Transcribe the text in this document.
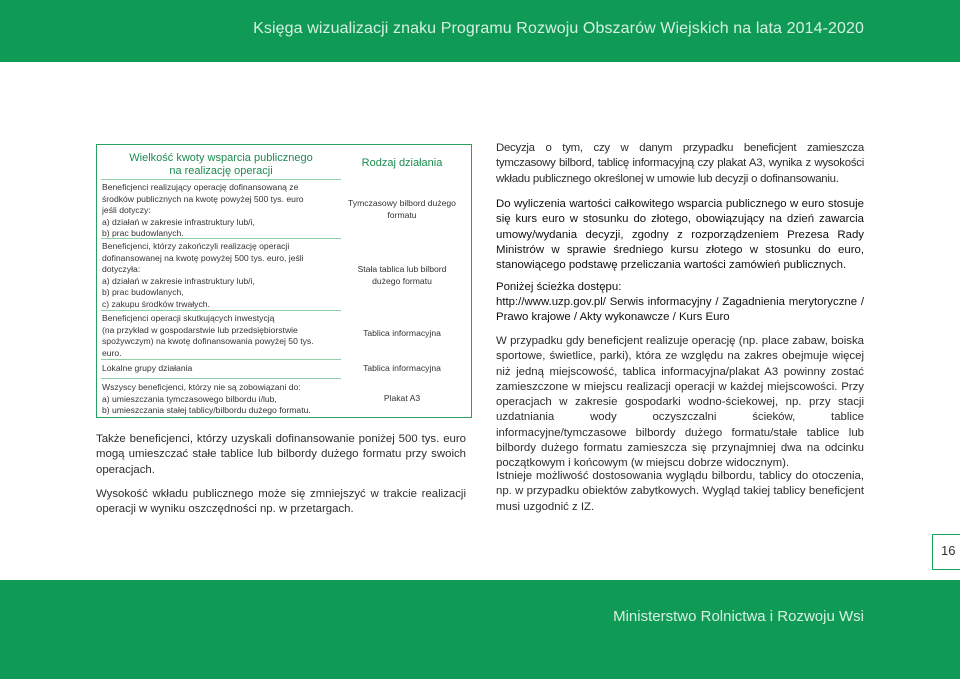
Księga wizualizacji znaku Programu Rozwoju Obszarów Wiejskich na lata 2014-2020
Wielkość kwoty wsparcia publicznego
na realizację operacji
Rodzaj działania
Beneficjenci realizujący operację dofinansowaną ze
środków publicznych na kwotę powyżej 500 tys. euro
jeśli dotyczy:
a) działań w zakresie infrastruktury lub/i,
b) prac budowlanych.
Tymczasowy bilbord dużego
formatu
Beneficjenci, którzy zakończyli realizację operacji
dofinansowanej na kwotę powyżej 500 tys. euro, jeśli
dotyczyła:
a) działań w zakresie infrastruktury lub/i,
b) prac budowlanych,
c) zakupu środków trwałych.
Stała tablica lub bilbord
dużego formatu
Beneficjenci operacji skutkujących inwestycją
(na przykład w gospodarstwie lub przedsiębiorstwie
spożywczym) na kwotę dofinansowania powyżej 50 tys.
euro.
Tablica informacyjna
Lokalne grupy działania	Tablica informacyjna
Wszyscy beneficjenci, którzy nie są zobowiązani do:
a) umieszczania tymczasowego bilbordu i/lub,
b) umieszczania stałej tablicy/bilbordu dużego formatu.
Plakat A3
Także beneficjenci, którzy uzyskali dofinansowanie poniżej 500 tys. euro mogą umieszczać stałe tablice lub bilbordy dużego formatu przy swoich operacjach.
Wysokość wkładu publicznego może się zmniejszyć w trakcie realizacji operacji w wyniku oszczędności np. w przetargach.
Decyzja o tym, czy w danym przypadku beneficjent zamieszcza tymczasowy bilbord, tablicę informacyjną czy plakat A3, wynika z wysokości wkładu publicznego określonej w umowie lub decyzji o dofinansowaniu.
Do wyliczenia wartości całkowitego wsparcia publicznego w euro stosuje się kurs euro w stosunku do złotego, obowiązujący na dzień zawarcia umowy/wydania decyzji, zgodny z rozporządzeniem Prezesa Rady Ministrów w sprawie średniego kursu złotego w stosunku do euro, stanowiącego podstawę przeliczania wartości zamówień publicznych.
Poniżej ścieżka dostępu:
http://www.uzp.gov.pl/ Serwis informacyjny / Zagadnienia merytoryczne / Prawo krajowe / Akty wykonawcze / Kurs Euro
W przypadku gdy beneficjent realizuje operację (np. place zabaw, boiska sportowe, świetlice, parki), która ze względu na zakres obejmuje więcej niż jedną miejscowość, tablica informacyjna/plakat A3 powinny zostać zamieszczone w miejscu realizacji operacji w każdej miejscowości. Przy operacjach w zakresie gospodarki wodno-ściekowej, np. przy stacji uzdatniania wody oczyszczalni ścieków, tablice informacyjne/tymczasowe bilbordy dużego formatu/stałe tablice lub bilbordy dużego formatu zamieszcza się przynajmniej dwa na odcinku początkowym i końcowym (w miejscu dobrze widocznym).
Istnieje możliwość dostosowania wyglądu bilbordu, tablicy do otoczenia, np. w przypadku obiektów zabytkowych. Wygląd takiej tablicy beneficjent musi uzgodnić z IZ.
16
Ministerstwo Rolnictwa i Rozwoju Wsi
